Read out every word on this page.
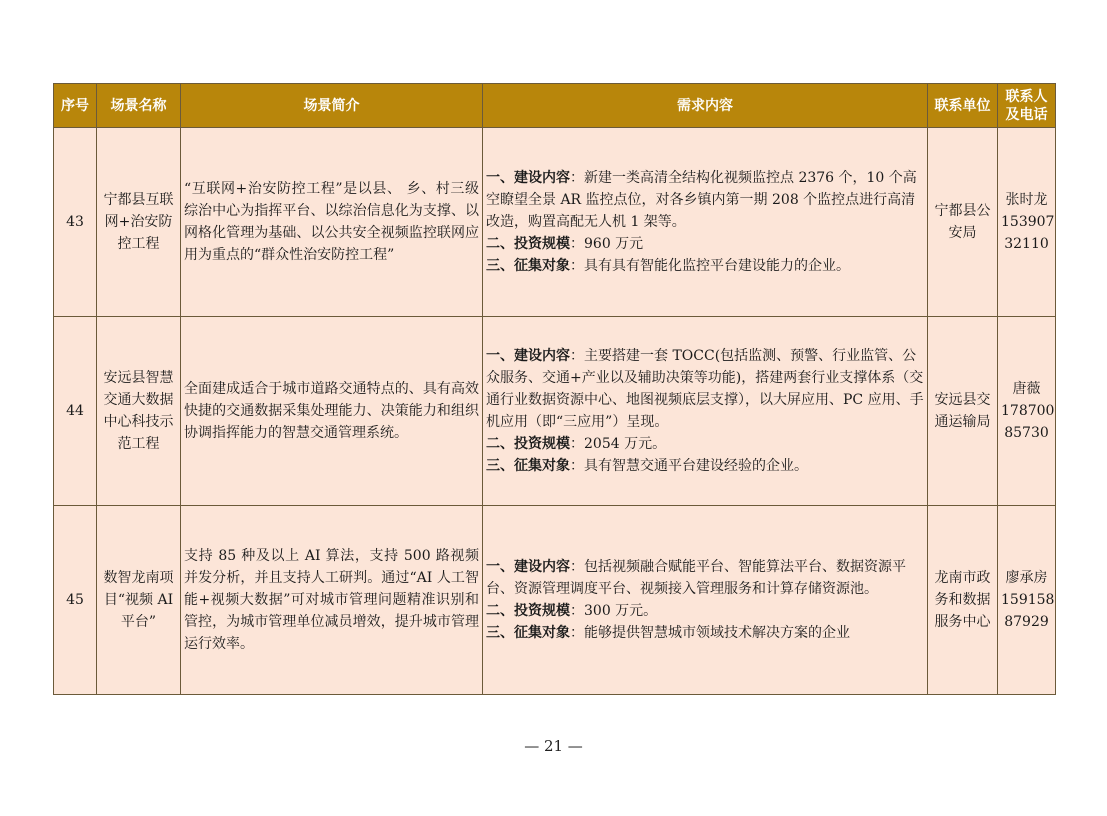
序号	场景名称	场景简介	需求内容	联系单位	联系人
及电话

43	宁都县互联网+治安防控工程	“互联网+治安防控工程”是以县、 乡、村三级综治中心为指挥平台、以综治信息化为支撑、以网格化管理为基础、以公共安全视频监控联网应用为重点的“群众性治安防控工程”	一、建设内容：新建一类高清全结构化视频监控点 2376 个，10 个高空瞭望全景 AR 监控点位，对各乡镇内第一期 208 个监控点进行高清改造，购置高配无人机 1 架等。
二、投资规模：960 万元
三、征集对象：具有具有智能化监控平台建设能力的企业。	宁都县公安局	张时龙
153907
32110

44	安远县智慧交通大数据中心科技示范工程	全面建成适合于城市道路交通特点的、具有高效快捷的交通数据采集处理能力、决策能力和组织协调指挥能力的智慧交通管理系统。	一、建设内容：主要搭建一套 TOCC(包括监测、预警、行业监管、公众服务、交通+产业以及辅助决策等功能)，搭建两套行业支撑体系（交通行业数据资源中心、地图视频底层支撑），以大屏应用、PC 应用、手机应用（即“三应用”）呈现。
二、投资规模：2054 万元。
三、征集对象：具有智慧交通平台建设经验的企业。	安远县交通运输局	唐薇
178700
85730

45	数智龙南项目“视频 AI 平台”	支持 85 种及以上 AI 算法，支持 500 路视频并发分析，并且支持人工研判。通过“AI 人工智能+视频大数据”可对城市管理问题精准识别和管控，为城市管理单位减员增效，提升城市管理运行效率。	一、建设内容：包括视频融合赋能平台、智能算法平台、数据资源平台、资源管理调度平台、视频接入管理服务和计算存储资源池。
二、投资规模：300 万元。
三、征集对象：能够提供智慧城市领域技术解决方案的企业	龙南市政务和数据服务中心	廖承房
159158
87929
— 21 —
